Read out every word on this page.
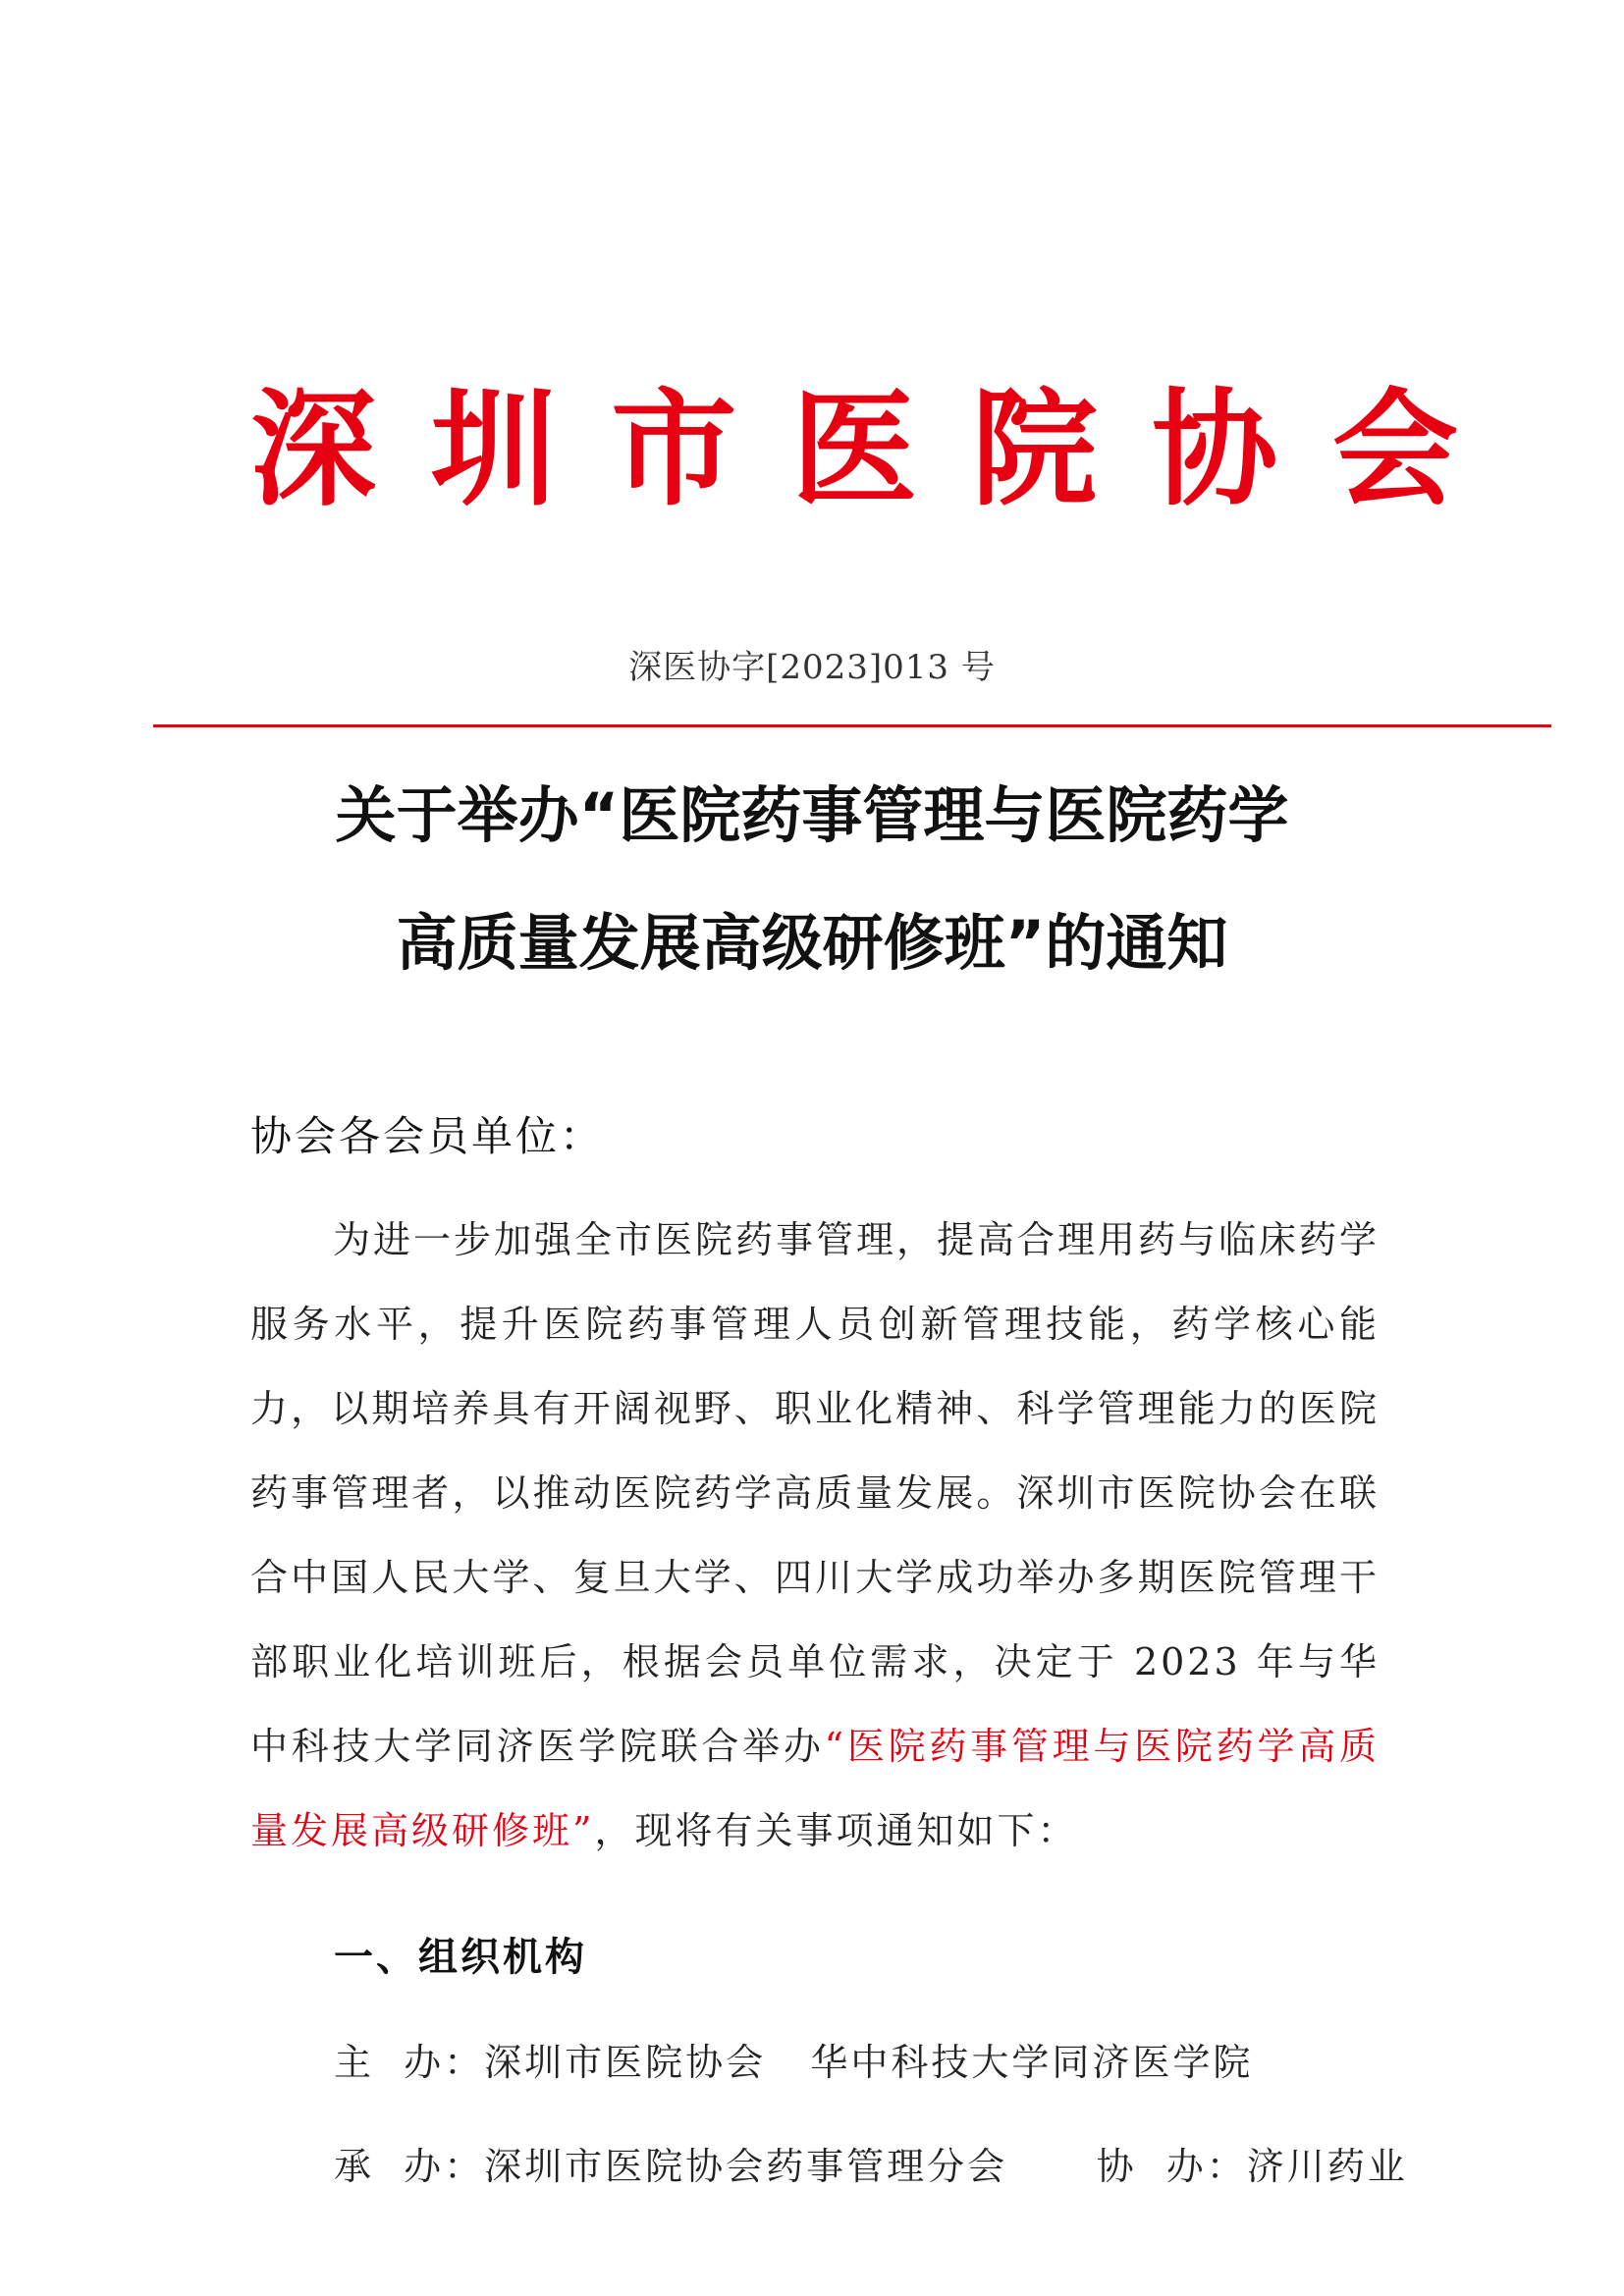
深 圳 市 医 院 协 会
深医协字[2023]013 号
关于举办“医院药事管理与医院药学
高质量发展高级研修班”的通知
协会各会员单位：

为进一步加强全市医院药事管理，提高合理用药与临床药学服务水平，提升医院药事管理人员创新管理技能，药学核心能力，以期培养具有开阔视野、职业化精神、科学管理能力的医院药事管理者，以推动医院药学高质量发展。深圳市医院协会在联合中国人民大学、复旦大学、四川大学成功举办多期医院管理干部职业化培训班后，根据会员单位需求，决定于 2023 年与华中科技大学同济医学院联合举办“医院药事管理与医院药学高质量发展高级研修班”，现将有关事项通知如下：

一、组织机构
主  办：深圳市医院协会   华中科技大学同济医学院
承  办：深圳市医院协会药事管理分会      协  办：济川药业
